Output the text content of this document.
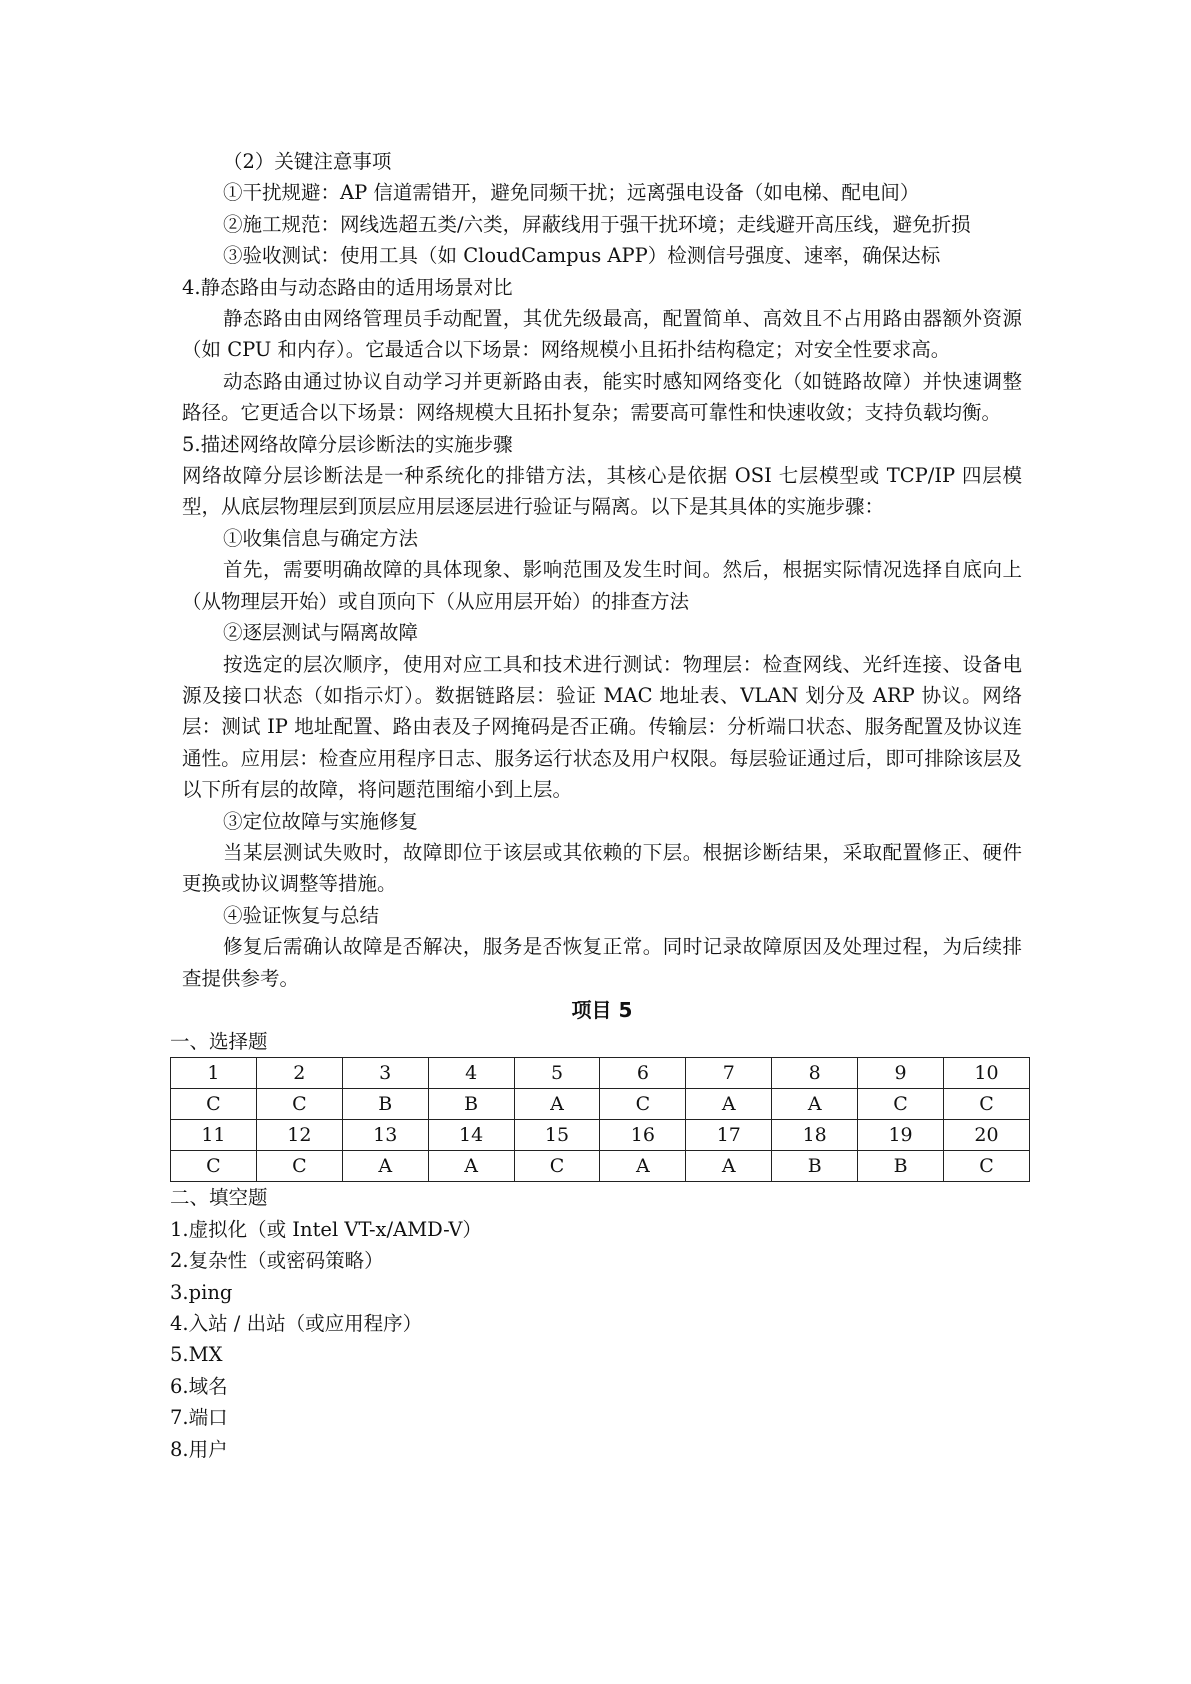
（2）关键注意事项

①干扰规避：AP 信道需错开，避免同频干扰；远离强电设备（如电梯、配电间）

②施工规范：网线选超五类/六类，屏蔽线用于强干扰环境；走线避开高压线，避免折损

③验收测试：使用工具（如 CloudCampus APP）检测信号强度、速率，确保达标

4.静态路由与动态路由的适用场景对比

静态路由由网络管理员手动配置，其优先级最高，配置简单、高效且不占用路由器额外资源（如 CPU 和内存）。它最适合以下场景：网络规模小且拓扑结构稳定；对安全性要求高。

动态路由通过协议自动学习并更新路由表，能实时感知网络变化（如链路故障）并快速调整路径。它更适合以下场景：网络规模大且拓扑复杂；需要高可靠性和快速收敛；支持负载均衡。

5.描述网络故障分层诊断法的实施步骤

网络故障分层诊断法是一种系统化的排错方法，其核心是依据 OSI 七层模型或 TCP/IP 四层模型，从底层物理层到顶层应用层逐层进行验证与隔离。以下是其具体的实施步骤：

①收集信息与确定方法

首先，需要明确故障的具体现象、影响范围及发生时间。然后，根据实际情况选择自底向上（从物理层开始）或自顶向下（从应用层开始）的排查方法

②逐层测试与隔离故障

按选定的层次顺序，使用对应工具和技术进行测试：物理层：检查网线、光纤连接、设备电源及接口状态（如指示灯）。数据链路层：验证 MAC 地址表、VLAN 划分及 ARP 协议。网络层：测试 IP 地址配置、路由表及子网掩码是否正确。传输层：分析端口状态、服务配置及协议连通性。应用层：检查应用程序日志、服务运行状态及用户权限。每层验证通过后，即可排除该层及以下所有层的故障，将问题范围缩小到上层。

③定位故障与实施修复

当某层测试失败时，故障即位于该层或其依赖的下层。根据诊断结果，采取配置修正、硬件更换或协议调整等措施。

④验证恢复与总结

修复后需确认故障是否解决，服务是否恢复正常。同时记录故障原因及处理过程，为后续排查提供参考。

项目 5

一、选择题

1	2	3	4	5	6	7	8	9	10
C	C	B	B	A	C	A	A	C	C
11	12	13	14	15	16	17	18	19	20
C	C	A	A	C	A	A	B	B	C

二、填空题

1.虚拟化（或 Intel VT-x/AMD-V）

2.复杂性（或密码策略）

3.ping

4.入站 / 出站（或应用程序）

5.MX

6.域名

7.端口

8.用户
